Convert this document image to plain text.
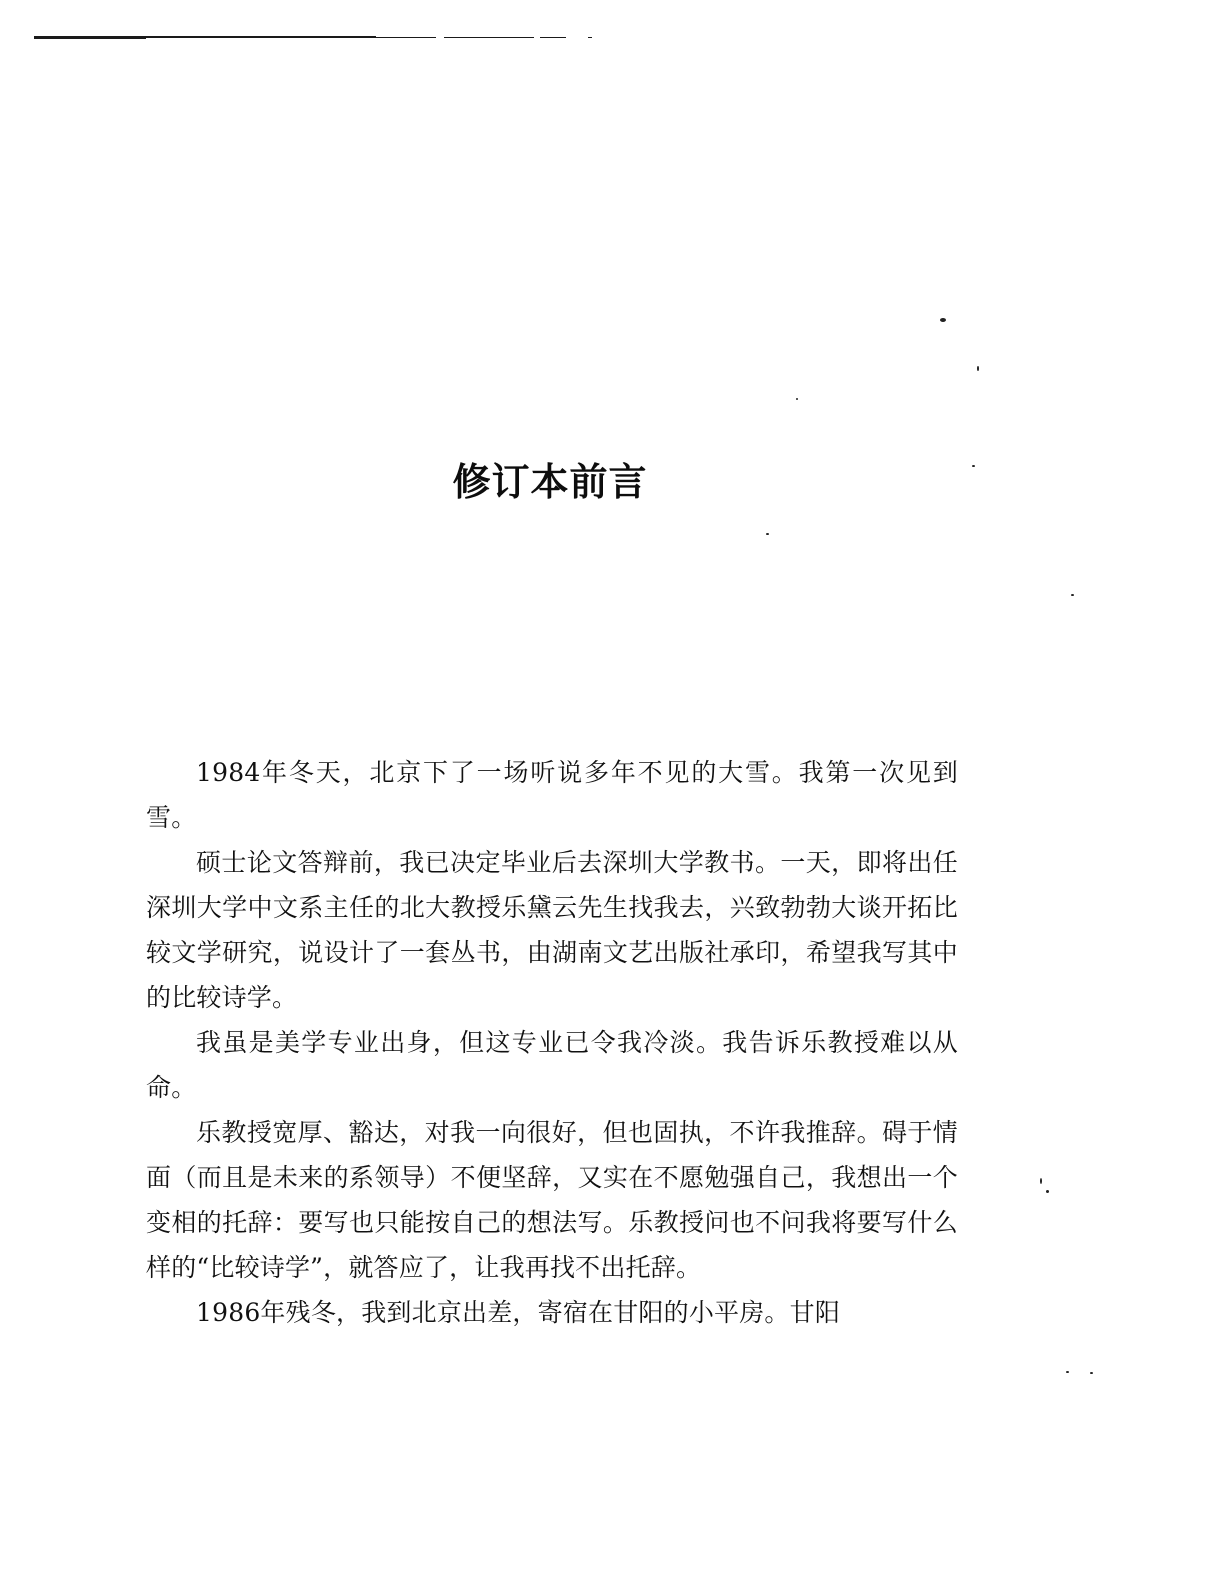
修订本前言

1984年冬天，北京下了一场听说多年不见的大雪。我第一次见到雪。

硕士论文答辩前，我已决定毕业后去深圳大学教书。一天，即将出任深圳大学中文系主任的北大教授乐黛云先生找我去，兴致勃勃大谈开拓比较文学研究，说设计了一套丛书，由湖南文艺出版社承印，希望我写其中的比较诗学。

我虽是美学专业出身，但这专业已令我冷淡。我告诉乐教授难以从命。

乐教授宽厚、豁达，对我一向很好，但也固执，不许我推辞。碍于情面（而且是未来的系领导）不便坚辞，又实在不愿勉强自己，我想出一个变相的托辞：要写也只能按自己的想法写。乐教授问也不问我将要写什么样的“比较诗学”，就答应了，让我再找不出托辞。

1986年残冬，我到北京出差，寄宿在甘阳的小平房。甘阳
